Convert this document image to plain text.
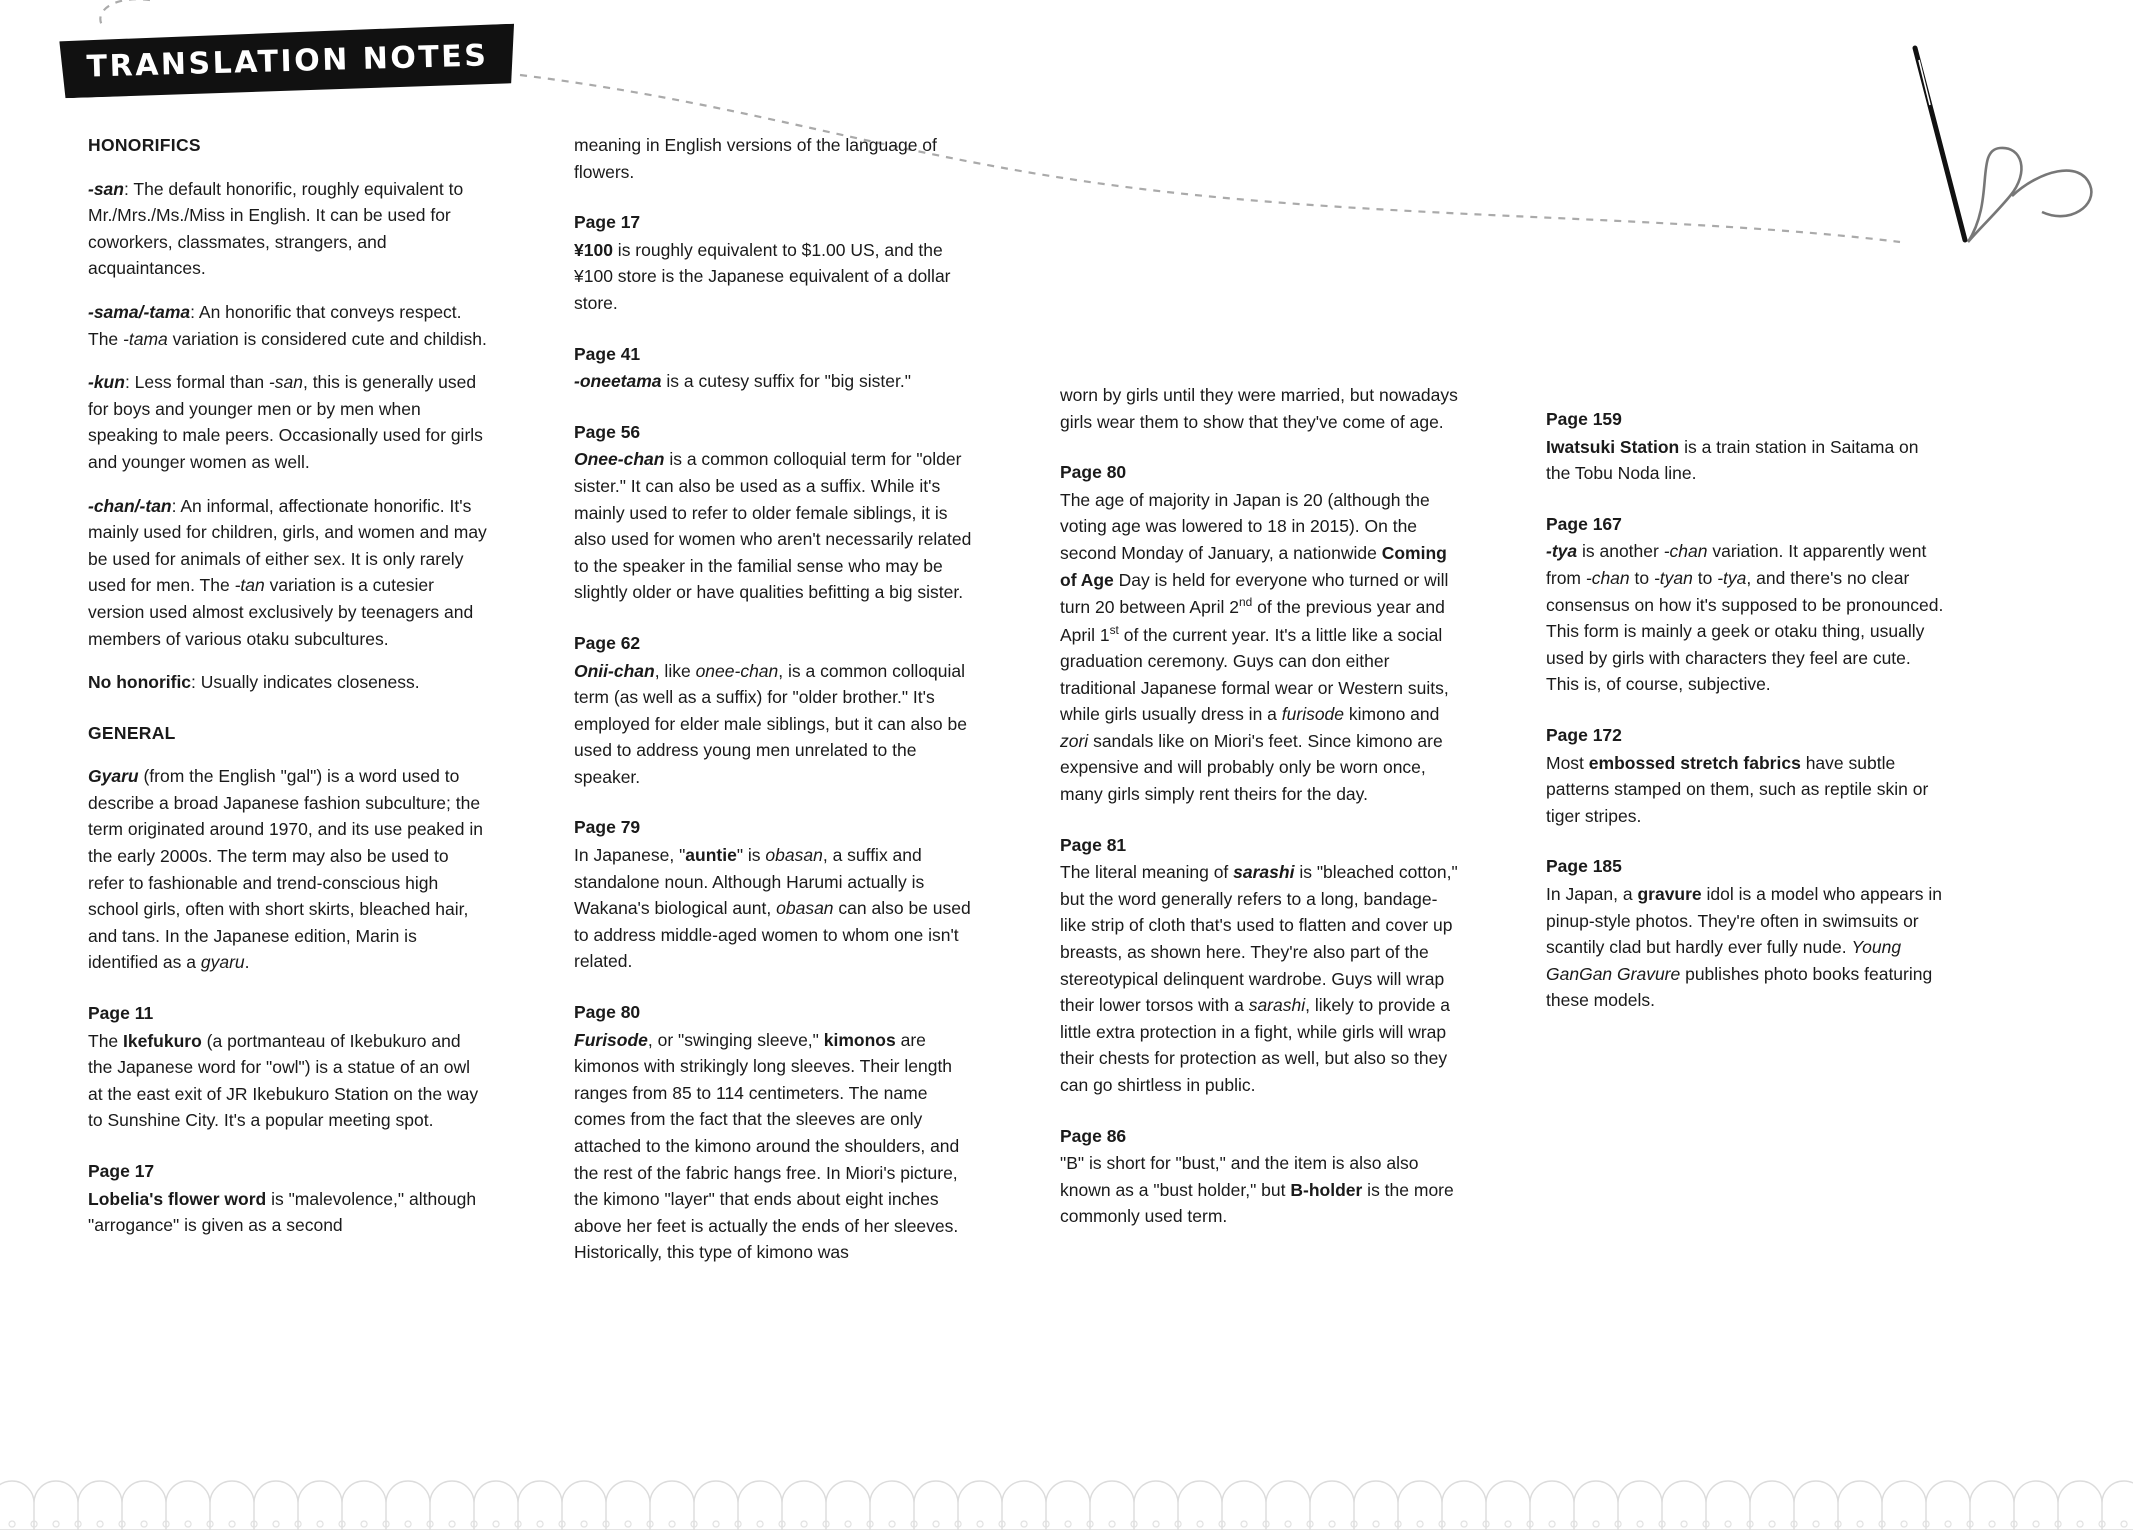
TRANSLATION NOTES
HONORIFICS

-san: The default honorific, roughly equivalent to Mr./Mrs./Ms./Miss in English. It can be used for coworkers, classmates, strangers, and acquaintances.

-sama/-tama: An honorific that conveys respect. The -tama variation is considered cute and childish.

-kun: Less formal than -san, this is generally used for boys and younger men or by men when speaking to male peers. Occasionally used for girls and younger women as well.

-chan/-tan: An informal, affectionate honorific. It's mainly used for children, girls, and women and may be used for animals of either sex. It is only rarely used for men. The -tan variation is a cutesier version used almost exclusively by teenagers and members of various otaku subcultures.

No honorific: Usually indicates closeness.

GENERAL

Gyaru (from the English "gal") is a word used to describe a broad Japanese fashion subculture; the term originated around 1970, and its use peaked in the early 2000s. The term may also be used to refer to fashionable and trend-conscious high school girls, often with short skirts, bleached hair, and tans. In the Japanese edition, Marin is identified as a gyaru.

Page 11

The Ikefukuro (a portmanteau of Ikebukuro and the Japanese word for "owl") is a statue of an owl at the east exit of JR Ikebukuro Station on the way to Sunshine City. It's a popular meeting spot.

Page 17

Lobelia's flower word is "malevolence," although "arrogance" is given as a second

meaning in English versions of the language of flowers.

Page 17

¥100 is roughly equivalent to $1.00 US, and the ¥100 store is the Japanese equivalent of a dollar store.

Page 41

-oneetama is a cutesy suffix for "big sister."

Page 56

Onee-chan is a common colloquial term for "older sister." It can also be used as a suffix. While it's mainly used to refer to older female siblings, it is also used for women who aren't necessarily related to the speaker in the familial sense who may be slightly older or have qualities befitting a big sister.

Page 62

Onii-chan, like onee-chan, is a common colloquial term (as well as a suffix) for "older brother." It's employed for elder male siblings, but it can also be used to address young men unrelated to the speaker.

Page 79

In Japanese, "auntie" is obasan, a suffix and standalone noun. Although Harumi actually is Wakana's biological aunt, obasan can also be used to address middle-aged women to whom one isn't related.

Page 80

Furisode, or "swinging sleeve," kimonos are kimonos with strikingly long sleeves. Their length ranges from 85 to 114 centimeters. The name comes from the fact that the sleeves are only attached to the kimono around the shoulders, and the rest of the fabric hangs free. In Miori's picture, the kimono "layer" that ends about eight inches above her feet is actually the ends of her sleeves. Historically, this type of kimono was

worn by girls until they were married, but nowadays girls wear them to show that they've come of age.

Page 80

The age of majority in Japan is 20 (although the voting age was lowered to 18 in 2015). On the second Monday of January, a nationwide Coming of Age Day is held for everyone who turned or will turn 20 between April 2nd of the previous year and April 1st of the current year. It's a little like a social graduation ceremony. Guys can don either traditional Japanese formal wear or Western suits, while girls usually dress in a furisode kimono and zori sandals like on Miori's feet. Since kimono are expensive and will probably only be worn once, many girls simply rent theirs for the day.

Page 81

The literal meaning of sarashi is "bleached cotton," but the word generally refers to a long, bandage-like strip of cloth that's used to flatten and cover up breasts, as shown here. They're also part of the stereotypical delinquent wardrobe. Guys will wrap their lower torsos with a sarashi, likely to provide a little extra protection in a fight, while girls will wrap their chests for protection as well, but also so they can go shirtless in public.

Page 86

"B" is short for "bust," and the item is also also known as a "bust holder," but B-holder is the more commonly used term.

Page 159

Iwatsuki Station is a train station in Saitama on the Tobu Noda line.

Page 167

-tya is another -chan variation. It apparently went from -chan to -tyan to -tya, and there's no clear consensus on how it's supposed to be pronounced. This form is mainly a geek or otaku thing, usually used by girls with characters they feel are cute. This is, of course, subjective.

Page 172

Most embossed stretch fabrics have subtle patterns stamped on them, such as reptile skin or tiger stripes.

Page 185

In Japan, a gravure idol is a model who appears in pinup-style photos. They're often in swimsuits or scantily clad but hardly ever fully nude. Young GanGan Gravure publishes photo books featuring these models.
